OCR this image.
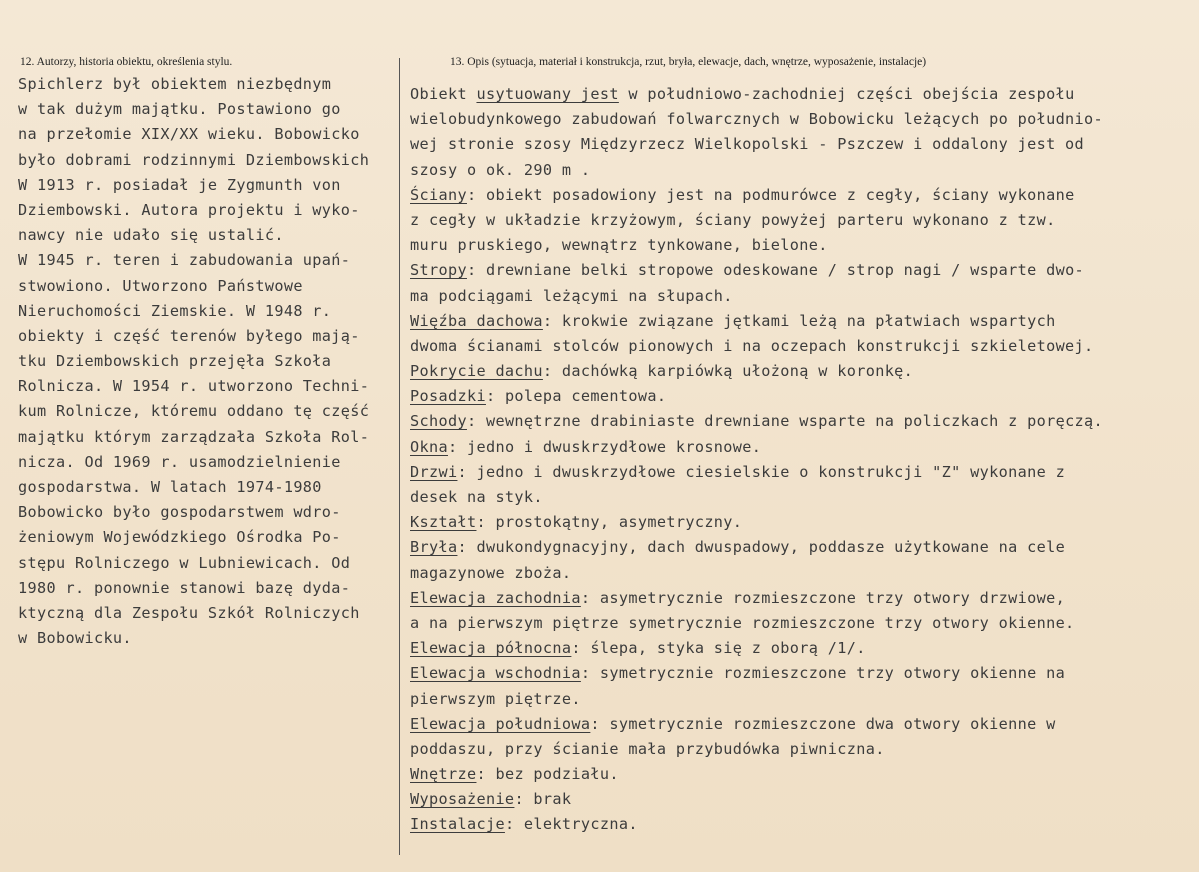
12. Autorzy, historia obiektu, określenia stylu.	13. Opis (sytuacja, materiał i konstrukcja, rzut, bryła, elewacje, dach, wnętrze, wyposażenie, instalacje)
Spichlerz był obiektem niezbędnym
w tak dużym majątku. Postawiono go
na przełomie XIX/XX wieku. Bobowicko
było dobrami rodzinnymi Dziembowskich
W 1913 r. posiadał je Zygmunth von
Dziembowski. Autora projektu i wyko-
nawcy nie udało się ustalić.
W 1945 r. teren i zabudowania upań-
stwowiono. Utworzono Państwowe
Nieruchomości Ziemskie. W 1948 r.
obiekty i część terenów byłego mają-
tku Dziembowskich przejęła Szkoła
Rolnicza. W 1954 r. utworzono Techni-
kum Rolnicze, któremu oddano tę część
majątku którym zarządzała Szkoła Rol-
nicza. Od 1969 r. usamodzielnienie
gospodarstwa. W latach 1974-1980
Bobowicko było gospodarstwem wdro-
żeniowym Wojewódzkiego Ośrodka Po-
stępu Rolniczego w Lubniewicach. Od
1980 r. ponownie stanowi bazę dyda-
ktyczną dla Zespołu Szkół Rolniczych
w Bobowicku.
Obiekt usytuowany jest w południowo-zachodniej części obejścia zespołu
wielobudynkowego zabudowań folwarcznych w Bobowicku leżących po południo-
wej stronie szosy Międzyrzecz Wielkopolski - Pszczew i oddalony jest od
szosy o ok. 290 m .
Ściany: obiekt posadowiony jest na podmurówce z cegły, ściany wykonane
z cegły w układzie krzyżowym, ściany powyżej parteru wykonano z tzw.
muru pruskiego, wewnątrz tynkowane, bielone.
Stropy: drewniane belki stropowe odeskowane / strop nagi / wsparte dwo-
ma podciągami leżącymi na słupach.
Więźba dachowa: krokwie związane jętkami leżą na płatwiach wspartych
dwoma ścianami stolców pionowych i na oczepach konstrukcji szkieletowej.
Pokrycie dachu: dachówką karpiówką ułożoną w koronkę.
Posadzki: polepa cementowa.
Schody: wewnętrzne drabiniaste drewniane wsparte na policzkach z poręczą.
Okna: jedno i dwuskrzydłowe krosnowe.
Drzwi: jedno i dwuskrzydłowe ciesielskie o konstrukcji "Z" wykonane z
desek na styk.
Kształt: prostokątny, asymetryczny.
Bryła: dwukondygnacyjny, dach dwuspadowy, poddasze użytkowane na cele
magazynowe zboża.
Elewacja zachodnia: asymetrycznie rozmieszczone trzy otwory drzwiowe,
a na pierwszym piętrze symetrycznie rozmieszczone trzy otwory okienne.
Elewacja północna: ślepa, styka się z oborą /1/.
Elewacja wschodnia: symetrycznie rozmieszczone trzy otwory okienne na
pierwszym piętrze.
Elewacja południowa: symetrycznie rozmieszczone dwa otwory okienne w
poddaszu, przy ścianie mała przybudówka piwniczna.
Wnętrze: bez podziału.
Wyposażenie: brak
Instalacje: elektryczna.
